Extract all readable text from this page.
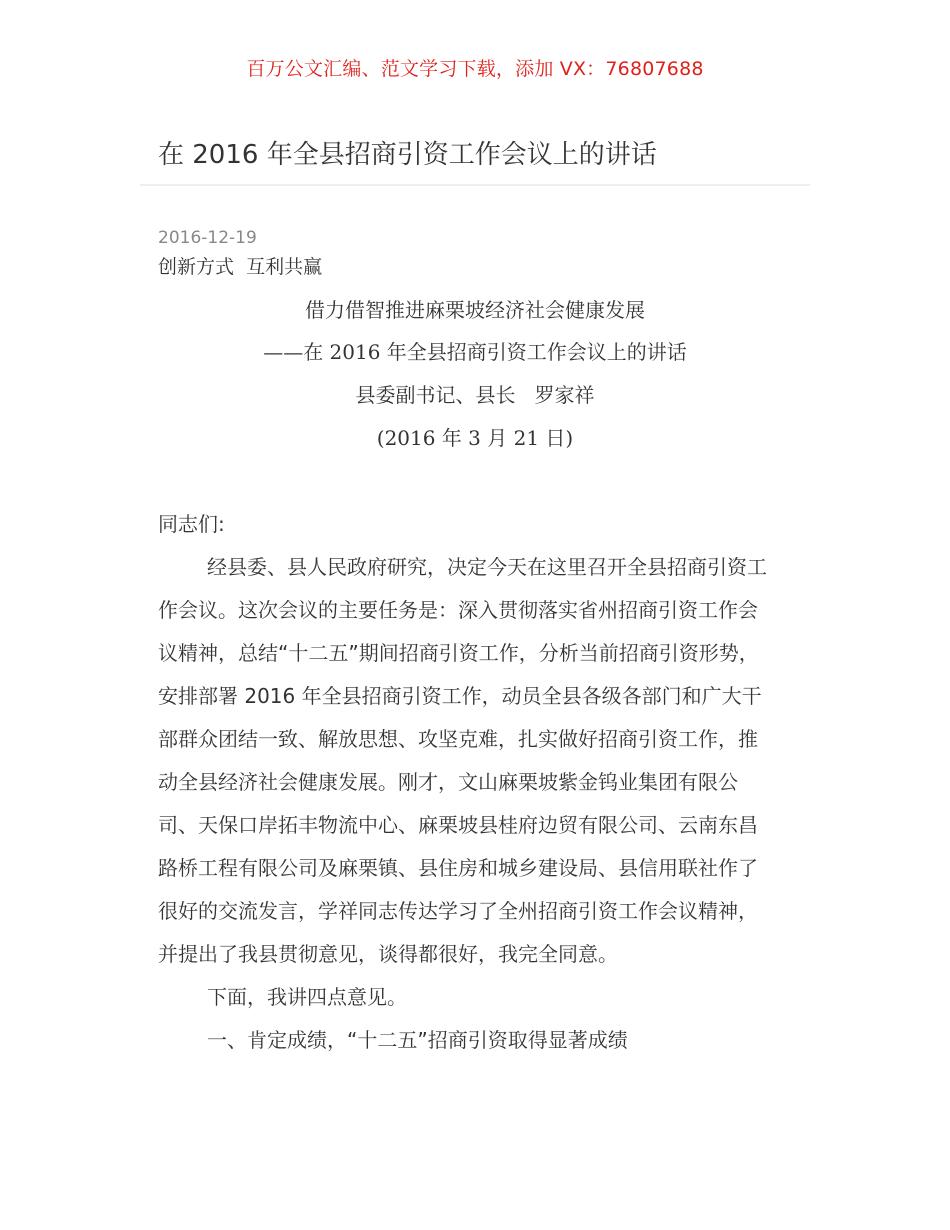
百万公文汇编、范文学习下载，添加 VX：76807688
在 2016 年全县招商引资工作会议上的讲话
2016-12-19
创新方式  互利共赢
借力借智推进麻栗坡经济社会健康发展
——在 2016 年全县招商引资工作会议上的讲话
县委副书记、县长   罗家祥
(2016 年 3 月 21 日)
同志们:
经县委、县人民政府研究，决定今天在这里召开全县招商引资工
作会议。这次会议的主要任务是：深入贯彻落实省州招商引资工作会
议精神，总结“十二五”期间招商引资工作，分析当前招商引资形势，
安排部署 2016 年全县招商引资工作，动员全县各级各部门和广大干
部群众团结一致、解放思想、攻坚克难，扎实做好招商引资工作，推
动全县经济社会健康发展。刚才，文山麻栗坡紫金钨业集团有限公
司、天保口岸拓丰物流中心、麻栗坡县桂府边贸有限公司、云南东昌
路桥工程有限公司及麻栗镇、县住房和城乡建设局、县信用联社作了
很好的交流发言，学祥同志传达学习了全州招商引资工作会议精神，
并提出了我县贯彻意见，谈得都很好，我完全同意。
下面，我讲四点意见。
一、肯定成绩，“十二五”招商引资取得显著成绩
